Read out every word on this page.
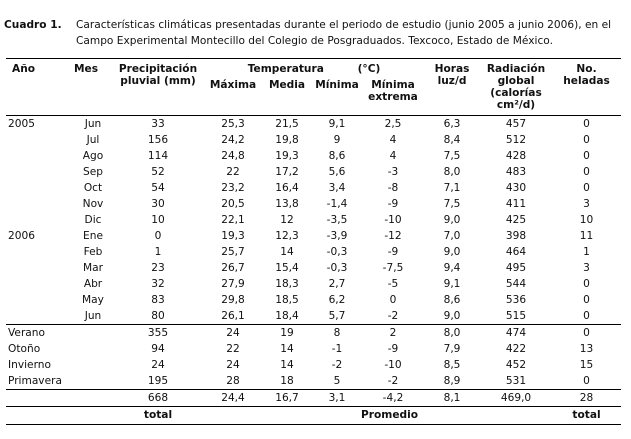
Cuadro 1. Características climáticas presentadas durante el periodo de estudio (junio 2005 a junio 2006), en el Campo Experimental Montecillo del Colegio de Posgraduados. Texcoco, Estado de México.
Año	Mes	Precipitación pluvial (mm)	Temperatura (°C)				Horas luz/d	Radiación global (calorías cm²/d)	No. heladas
			Máxima	Media	Mínima	Mínima extrema			

2005	Jun	33	25,3	21,5	9,1	2,5	6,3	457	0
	Jul	156	24,2	19,8	9	4	8,4	512	0
	Ago	114	24,8	19,3	8,6	4	7,5	428	0
	Sep	52	22	17,2	5,6	-3	8,0	483	0
	Oct	54	23,2	16,4	3,4	-8	7,1	430	0
	Nov	30	20,5	13,8	-1,4	-9	7,5	411	3
	Dic	10	22,1	12	-3,5	-10	9,0	425	10
2006	Ene	0	19,3	12,3	-3,9	-12	7,0	398	11
	Feb	1	25,7	14	-0,3	-9	9,0	464	1
	Mar	23	26,7	15,4	-0,3	-7,5	9,4	495	3
	Abr	32	27,9	18,3	2,7	-5	9,1	544	0
	May	83	29,8	18,5	6,2	0	8,6	536	0
	Jun	80	26,1	18,4	5,7	-2	9,0	515	0
Verano		355	24	19	8	2	8,0	474	0
Otoño		94	22	14	-1	-9	7,9	422	13
Invierno		24	24	14	-2	-10	8,5	452	15
Primavera		195	28	18	5	-2	8,9	531	0
		668	24,4	16,7	3,1	-4,2	8,1	469,0	28
		total	Promedio						total
